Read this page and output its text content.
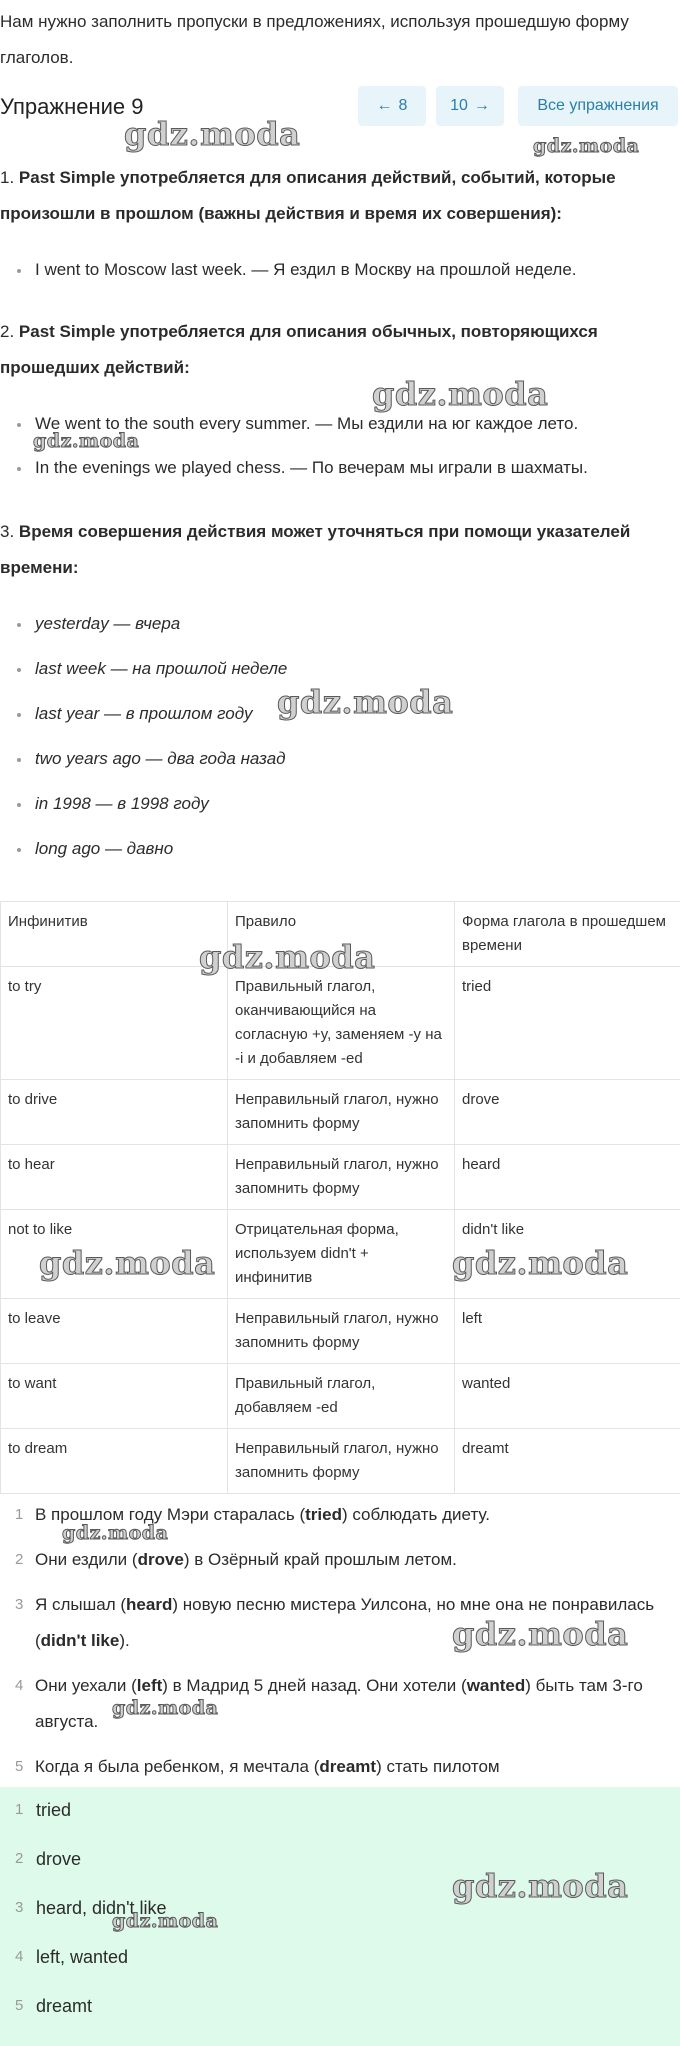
Нам нужно заполнить пропуски в предложениях, используя прошедшую форму глаголов.

Упражнение 9	← 8	10 →	Все упражнения

1. Past Simple употребляется для описания действий, событий, которые произошли в прошлом (важны действия и время их совершения):

I went to Moscow last week. — Я ездил в Москву на прошлой неделе.

2. Past Simple употребляется для описания обычных, повторяющихся прошедших действий:

We went to the south every summer. — Мы ездили на юг каждое лето.
In the evenings we played chess. — По вечерам мы играли в шахматы.

3. Время совершения действия может уточняться при помощи указателей времени:

yesterday — вчера
last week — на прошлой неделе
last year — в прошлом году
two years ago — два года назад
in 1998 — в 1998 году
long ago — давно
Инфинитив	Правило	Форма глагола в прошедшем времени
to try	Правильный глагол, оканчивающийся на согласную +y, заменяем -y на -i и добавляем -ed	tried
to drive	Неправильный глагол, нужно запомнить форму	drove
to hear	Неправильный глагол, нужно запомнить форму	heard
not to like	Отрицательная форма, используем didn't + инфинитив	didn't like
to leave	Неправильный глагол, нужно запомнить форму	left
to want	Правильный глагол, добавляем -ed	wanted
to dream	Неправильный глагол, нужно запомнить форму	dreamt
1 В прошлом году Мэри старалась (tried) соблюдать диету.
2 Они ездили (drove) в Озёрный край прошлым летом.
3 Я слышал (heard) новую песню мистера Уилсона, но мне она не понравилась (didn't like).
4 Они уехали (left) в Мадрид 5 дней назад. Они хотели (wanted) быть там 3-го августа.
5 Когда я была ребенком, я мечтала (dreamt) стать пилотом
1 tried
2 drove
3 heard, didn't like
4 left, wanted
5 dreamt
gdz.moda	gdz.moda
gdz.moda
gdz.moda
gdz.moda
gdz.moda
gdz.moda	gdz.moda
gdz.moda
gdz.moda
gdz.moda
gdz.moda
gdz.moda
